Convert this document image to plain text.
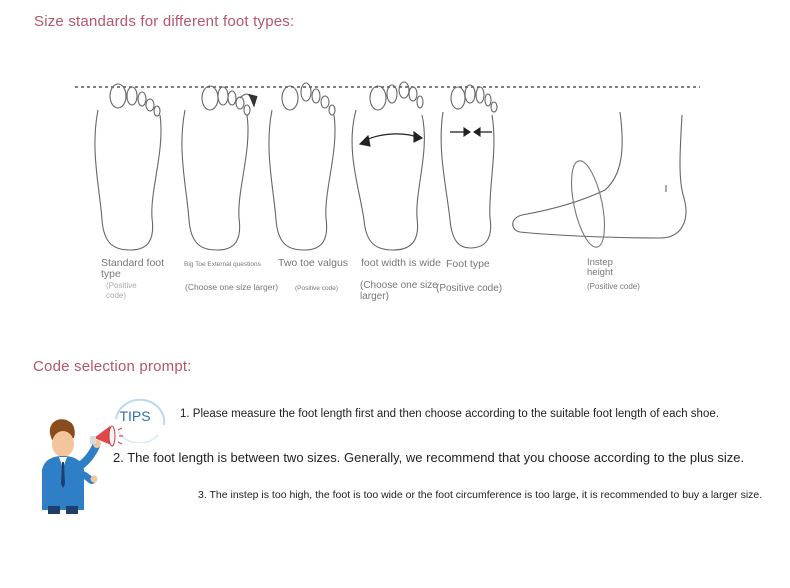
Size standards for different foot types:
Standard foot type
(Positive code)
Big Toe External questions
(Choose one size larger)
Two toe valgus
(Positive code)
foot width is wide
(Choose one size larger)
Foot type
(Positive code)
Instep height
(Positive code)
Code selection prompt:
TIPS	1. Please measure the foot length first and then choose according to the suitable foot length of each shoe.
2. The foot length is between two sizes. Generally, we recommend that you choose according to the plus size.
3. The instep is too high, the foot is too wide or the foot circumference is too large, it is recommended to buy a larger size.
